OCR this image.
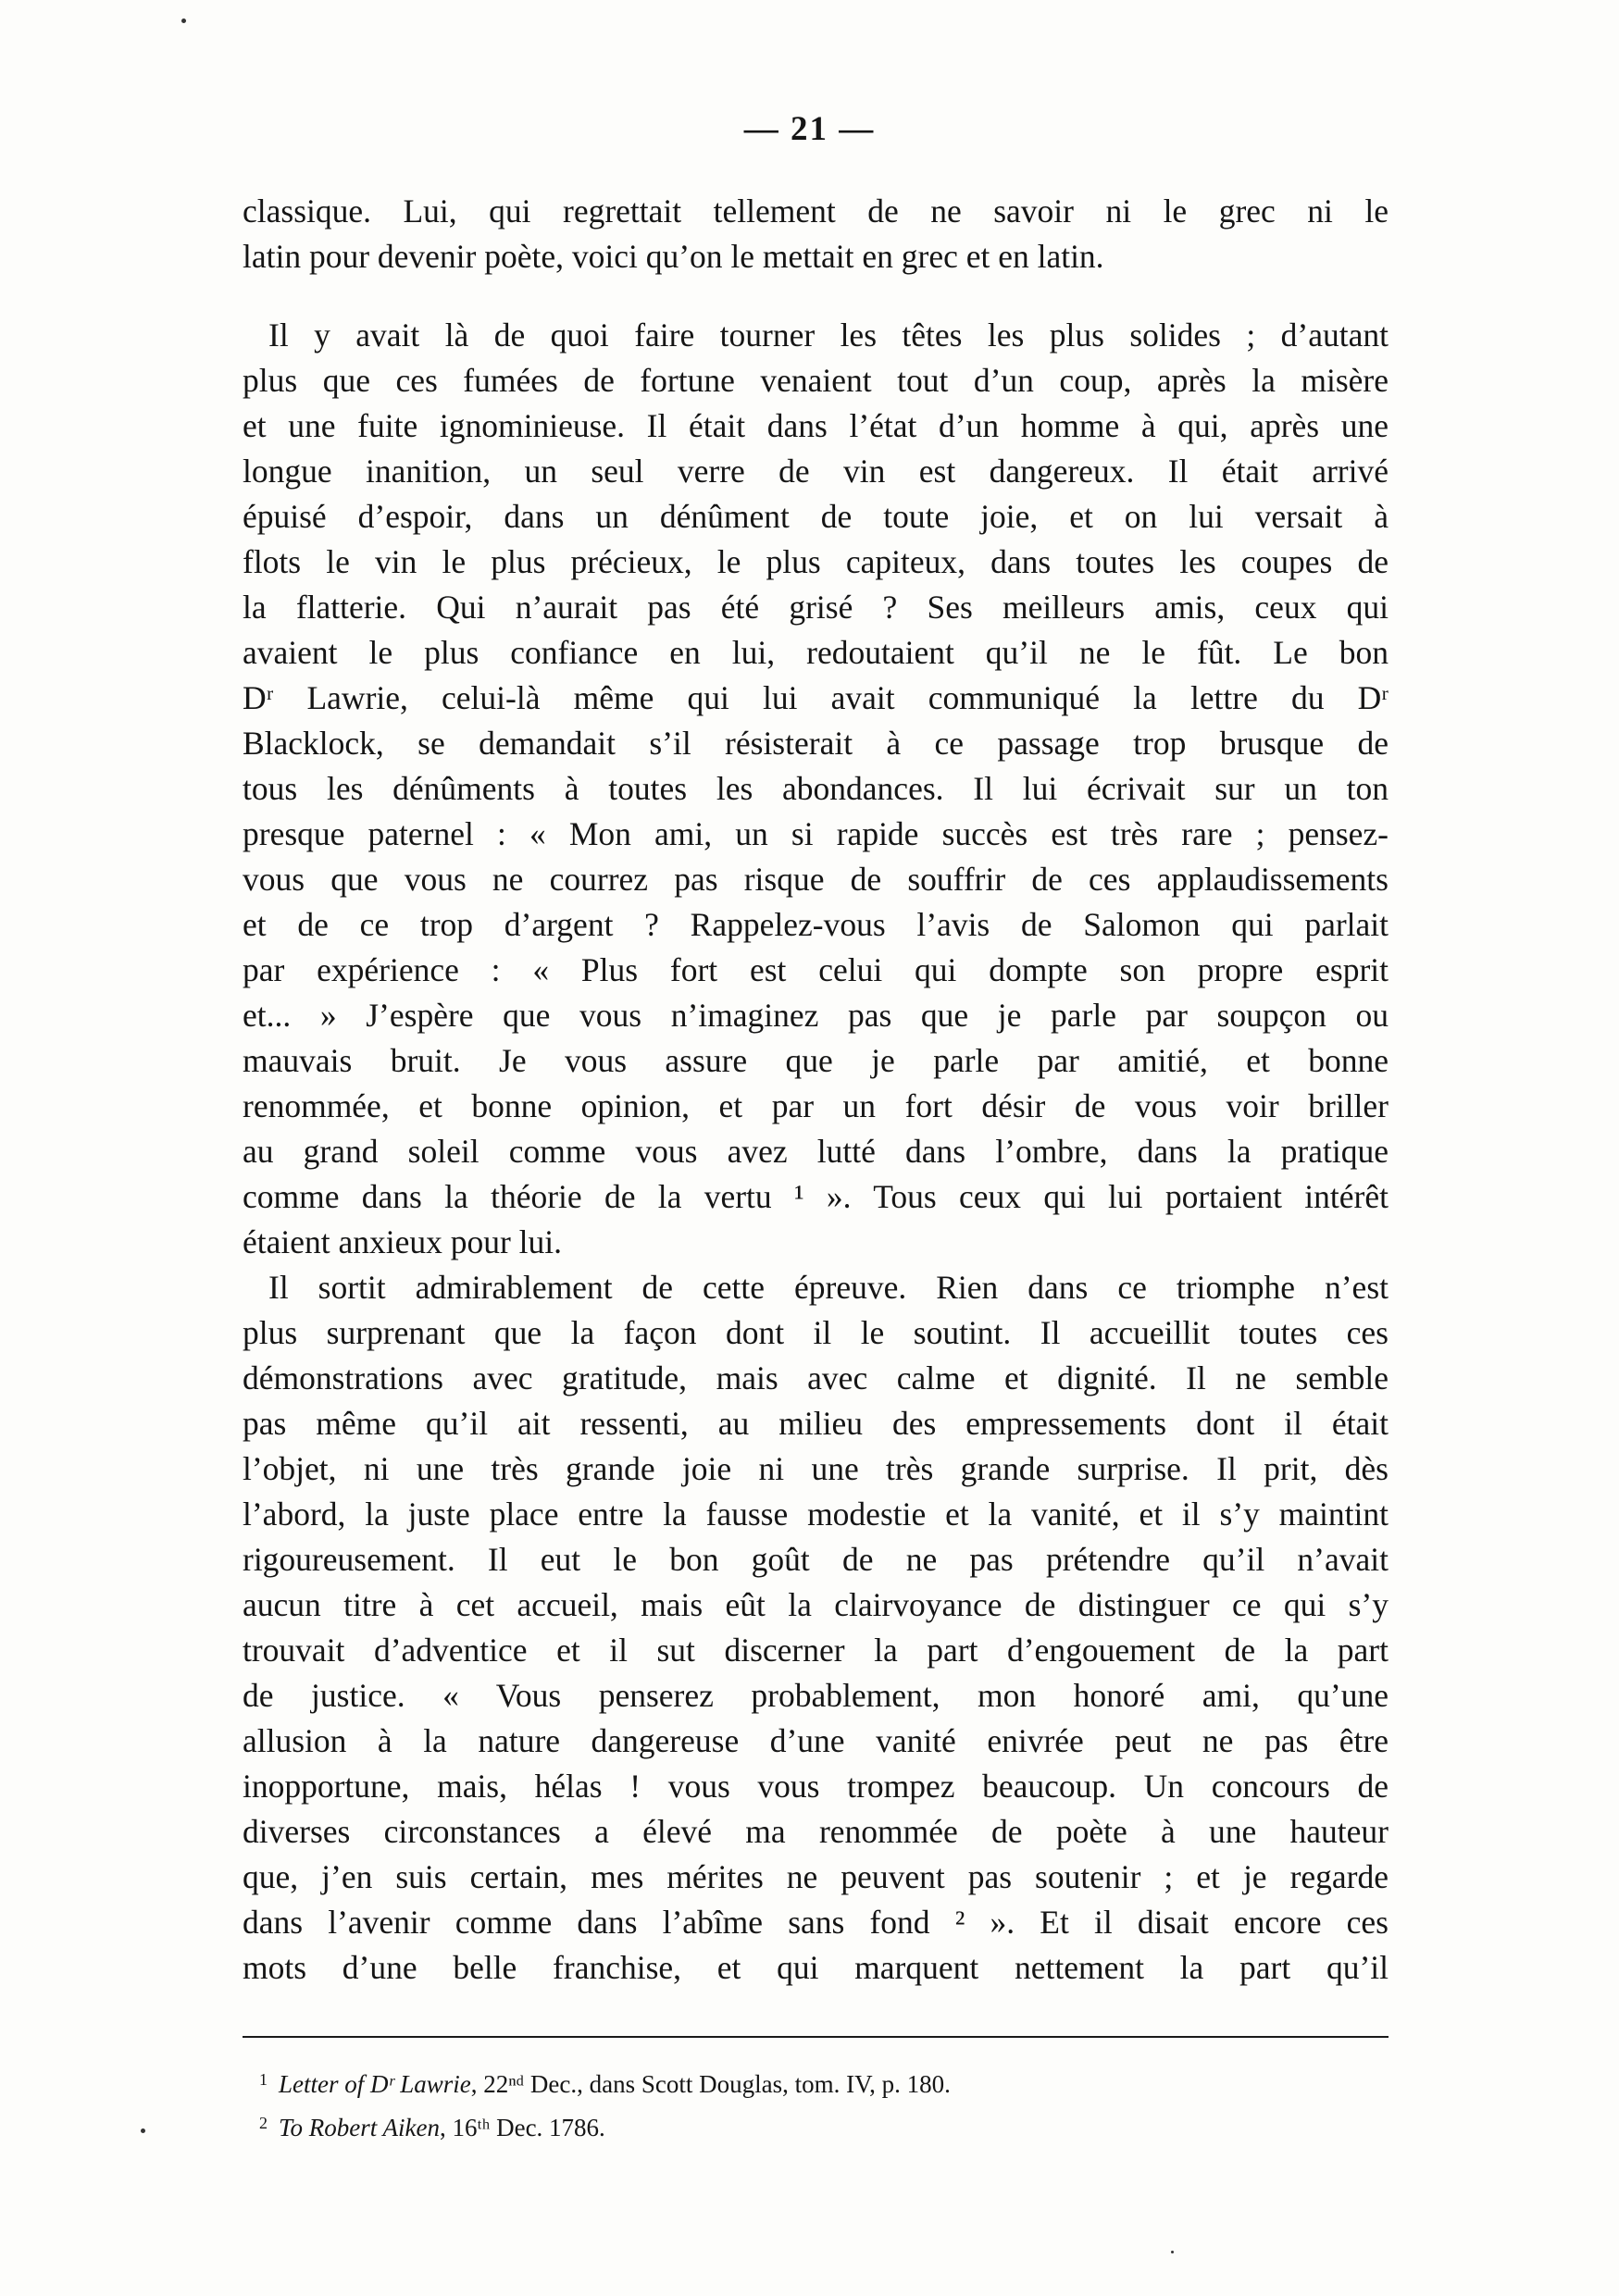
— 21 —
classique. Lui, qui regrettait tellement de ne savoir ni le grec ni le
latin pour devenir poète, voici qu’on le mettait en grec et en latin.
Il y avait là de quoi faire tourner les têtes les plus solides ; d’autant
plus que ces fumées de fortune venaient tout d’un coup, après la misère
et une fuite ignominieuse. Il était dans l’état d’un homme à qui, après une
longue inanition, un seul verre de vin est dangereux. Il était arrivé
épuisé d’espoir, dans un dénûment de toute joie, et on lui versait à
flots le vin le plus précieux, le plus capiteux, dans toutes les coupes de
la flatterie. Qui n’aurait pas été grisé ? Ses meilleurs amis, ceux qui
avaient le plus confiance en lui, redoutaient qu’il ne le fût. Le bon
Dʳ Lawrie, celui-là même qui lui avait communiqué la lettre du Dʳ
Blacklock, se demandait s’il résisterait à ce passage trop brusque de
tous les dénûments à toutes les abondances. Il lui écrivait sur un ton
presque paternel : « Mon ami, un si rapide succès est très rare ; pensez-
vous que vous ne courrez pas risque de souffrir de ces applaudissements
et de ce trop d’argent ? Rappelez-vous l’avis de Salomon qui parlait
par expérience : « Plus fort est celui qui dompte son propre esprit
et... » J’espère que vous n’imaginez pas que je parle par soupçon ou
mauvais bruit. Je vous assure que je parle par amitié, et bonne
renommée, et bonne opinion, et par un fort désir de vous voir briller
au grand soleil comme vous avez lutté dans l’ombre, dans la pratique
comme dans la théorie de la vertu ¹ ». Tous ceux qui lui portaient intérêt
étaient anxieux pour lui.
Il sortit admirablement de cette épreuve. Rien dans ce triomphe n’est
plus surprenant que la façon dont il le soutint. Il accueillit toutes ces
démonstrations avec gratitude, mais avec calme et dignité. Il ne semble
pas même qu’il ait ressenti, au milieu des empressements dont il était
l’objet, ni une très grande joie ni une très grande surprise. Il prit, dès
l’abord, la juste place entre la fausse modestie et la vanité, et il s’y maintint
rigoureusement. Il eut le bon goût de ne pas prétendre qu’il n’avait
aucun titre à cet accueil, mais eût la clairvoyance de distinguer ce qui s’y
trouvait d’adventice et il sut discerner la part d’engouement de la part
de justice. « Vous penserez probablement, mon honoré ami, qu’une
allusion à la nature dangereuse d’une vanité enivrée peut ne pas être
inopportune, mais, hélas ! vous vous trompez beaucoup. Un concours de
diverses circonstances a élevé ma renommée de poète à une hauteur
que, j’en suis certain, mes mérites ne peuvent pas soutenir ; et je regarde
dans l’avenir comme dans l’abîme sans fond ² ». Et il disait encore ces
mots d’une belle franchise, et qui marquent nettement la part qu’il
$^1$ Letter of Dʳ Lawrie, 22ⁿᵈ Dec., dans Scott Douglas, tom. IV, p. 180.
$^2$ To Robert Aiken, 16ᵗʰ Dec. 1786.
